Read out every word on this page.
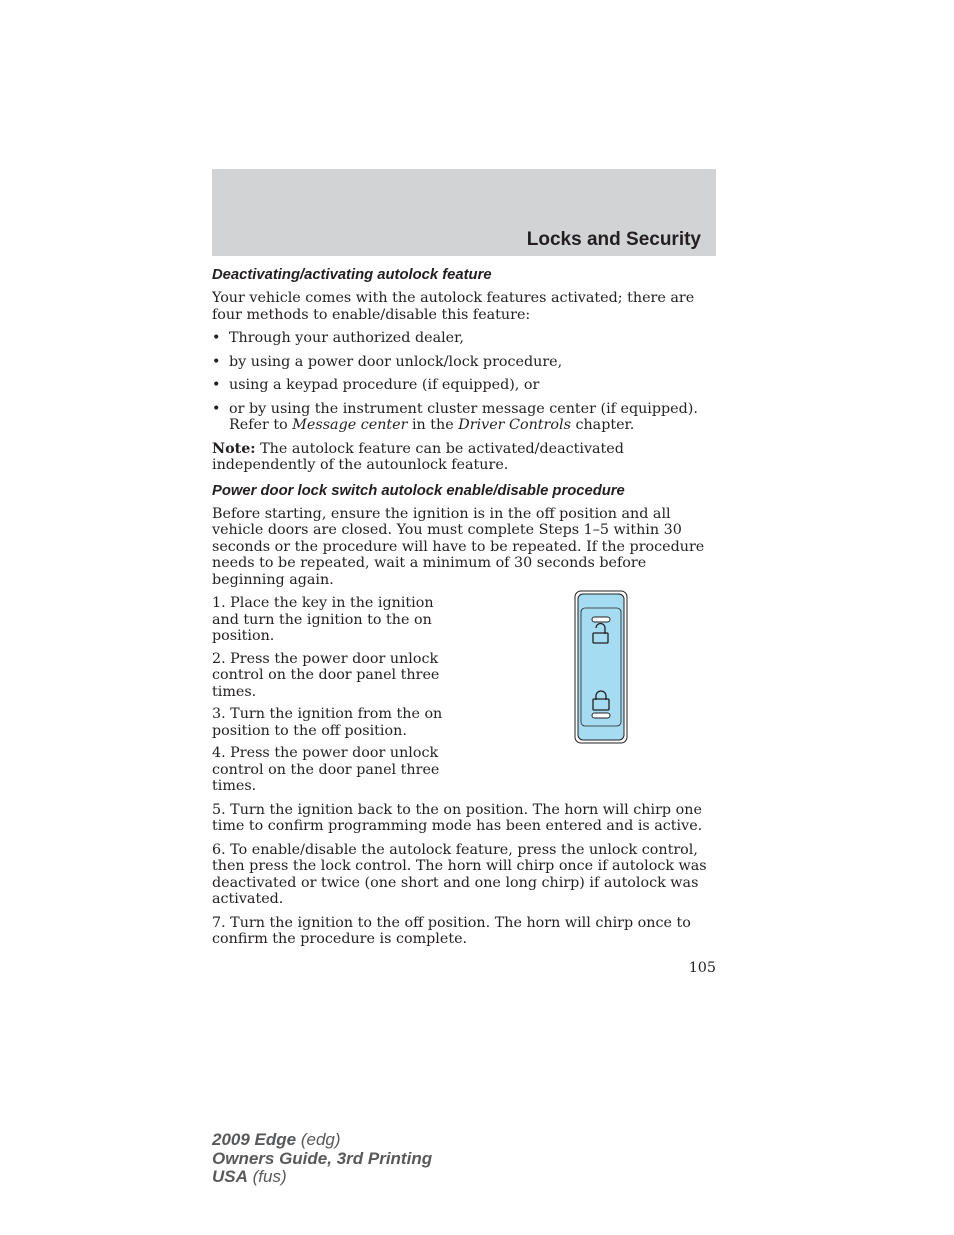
Locks and Security
Deactivating/activating autolock feature

Your vehicle comes with the autolock features activated; there are four methods to enable/disable this feature:

• Through your authorized dealer,
• by using a power door unlock/lock procedure,
• using a keypad procedure (if equipped), or
• or by using the instrument cluster message center (if equipped). Refer to Message center in the Driver Controls chapter.

Note: The autolock feature can be activated/deactivated independently of the autounlock feature.

Power door lock switch autolock enable/disable procedure

Before starting, ensure the ignition is in the off position and all vehicle doors are closed. You must complete Steps 1–5 within 30 seconds or the procedure will have to be repeated. If the procedure needs to be repeated, wait a minimum of 30 seconds before beginning again.

1. Place the key in the ignition and turn the ignition to the on position.

2. Press the power door unlock control on the door panel three times.

3. Turn the ignition from the on position to the off position.

4. Press the power door unlock control on the door panel three times.

5. Turn the ignition back to the on position. The horn will chirp one time to confirm programming mode has been entered and is active.

6. To enable/disable the autolock feature, press the unlock control, then press the lock control. The horn will chirp once if autolock was deactivated or twice (one short and one long chirp) if autolock was activated.

7. Turn the ignition to the off position. The horn will chirp once to confirm the procedure is complete.

105
2009 Edge (edg)
Owners Guide, 3rd Printing
USA (fus)
